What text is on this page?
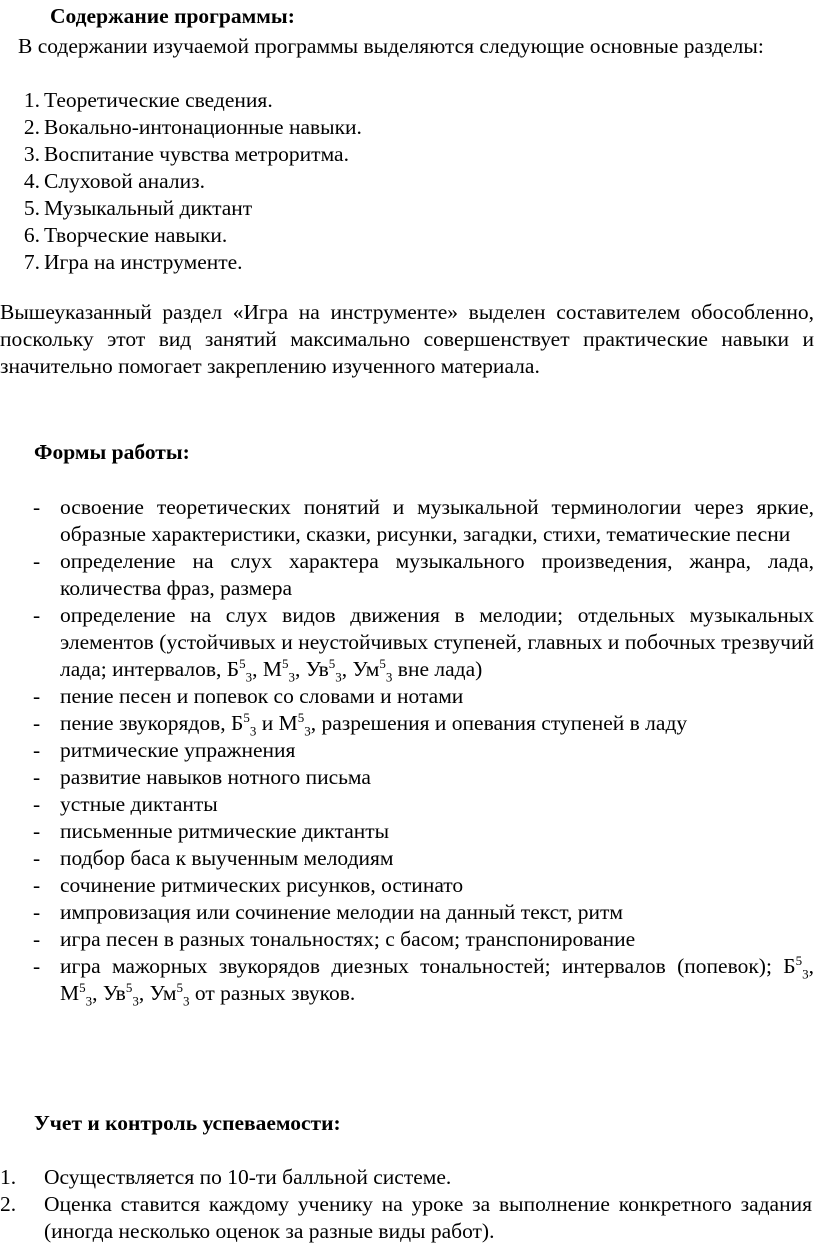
Содержание программы:
В содержании изучаемой программы выделяются следующие основные разделы:
1. Теоретические сведения.
2. Вокально-интонационные навыки.
3. Воспитание чувства метроритма.
4. Слуховой анализ.
5. Музыкальный диктант
6. Творческие навыки.
7. Игра на инструменте.
Вышеуказанный раздел «Игра на инструменте» выделен составителем обособленно, поскольку этот вид занятий максимально совершенствует практические навыки и значительно помогает закреплению изученного материала.
Формы работы:
- освоение теоретических понятий и музыкальной терминологии через яркие, образные характеристики, сказки, рисунки, загадки, стихи, тематические песни
- определение на слух характера музыкального произведения, жанра, лада, количества фраз, размера
- определение на слух видов движения в мелодии; отдельных музыкальных элементов (устойчивых и неустойчивых ступеней, главных и побочных трезвучий лада; интервалов, $Б^5_3$, $М^5_3$, $Ув^5_3$, $Ум^5_3$ вне лада)
- пение песен и попевок со словами и нотами
- пение звукорядов, $Б^5_3$ и $М^5_3$, разрешения и опевания ступеней в ладу
- ритмические упражнения
- развитие навыков нотного письма
- устные диктанты
- письменные ритмические диктанты
- подбор баса к выученным мелодиям
- сочинение ритмических рисунков, остинато
- импровизация или сочинение мелодии на данный текст, ритм
- игра песен в разных тональностях; с басом; транспонирование
- игра мажорных звукорядов диезных тональностей; интервалов (попевок); $Б^5_3$, $М^5_3$, $Ув^5_3$, $Ум^5_3$ от разных звуков.
Учет и контроль успеваемости:
1.	Осуществляется по 10-ти балльной системе.
2.	Оценка ставится каждому ученику на уроке за выполнение конкретного задания (иногда несколько оценок за разные виды работ).
